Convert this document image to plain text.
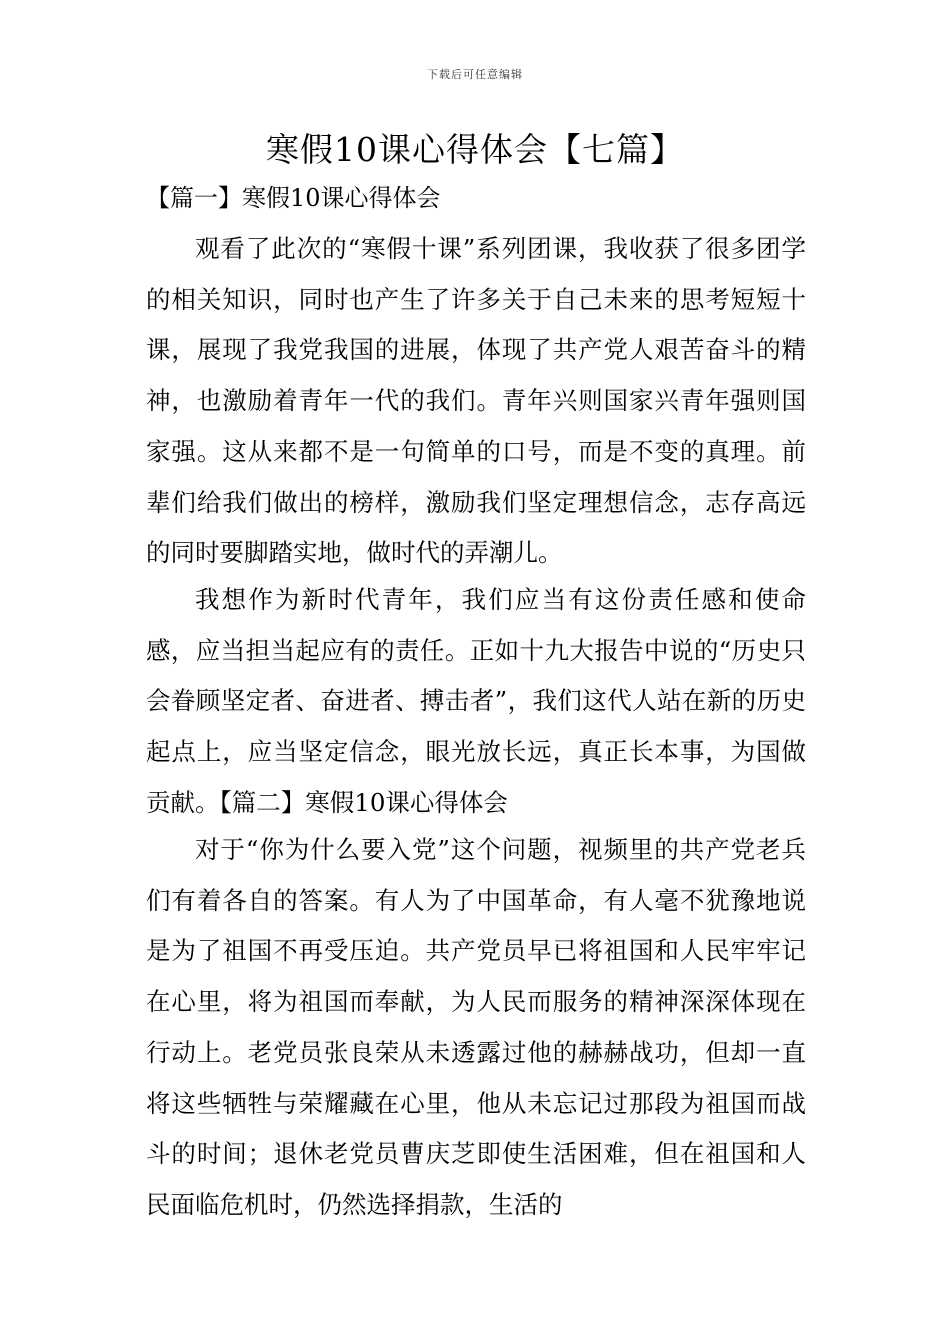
下载后可任意编辑
寒假10课心得体会【七篇】
【篇一】寒假10课心得体会

观看了此次的“寒假十课”系列团课，我收获了很多团学的相关知识，同时也产生了许多关于自己未来的思考短短十课，展现了我党我国的进展，体现了共产党人艰苦奋斗的精神，也激励着青年一代的我们。青年兴则国家兴青年强则国家强。这从来都不是一句简单的口号，而是不变的真理。前辈们给我们做出的榜样，激励我们坚定理想信念，志存高远的同时要脚踏实地，做时代的弄潮儿。

我想作为新时代青年，我们应当有这份责任感和使命感，应当担当起应有的责任。正如十九大报告中说的“历史只会眷顾坚定者、奋进者、搏击者”，我们这代人站在新的历史起点上，应当坚定信念，眼光放长远，真正长本事，为国做贡献。【篇二】寒假10课心得体会

对于“你为什么要入党”这个问题，视频里的共产党老兵们有着各自的答案。有人为了中国革命，有人毫不犹豫地说是为了祖国不再受压迫。共产党员早已将祖国和人民牢牢记在心里，将为祖国而奉献，为人民而服务的精神深深体现在行动上。老党员张良荣从未透露过他的赫赫战功，但却一直将这些牺牲与荣耀藏在心里，他从未忘记过那段为祖国而战斗的时间；退休老党员曹庆芝即使生活困难，但在祖国和人民面临危机时，仍然选择捐款，生活的
